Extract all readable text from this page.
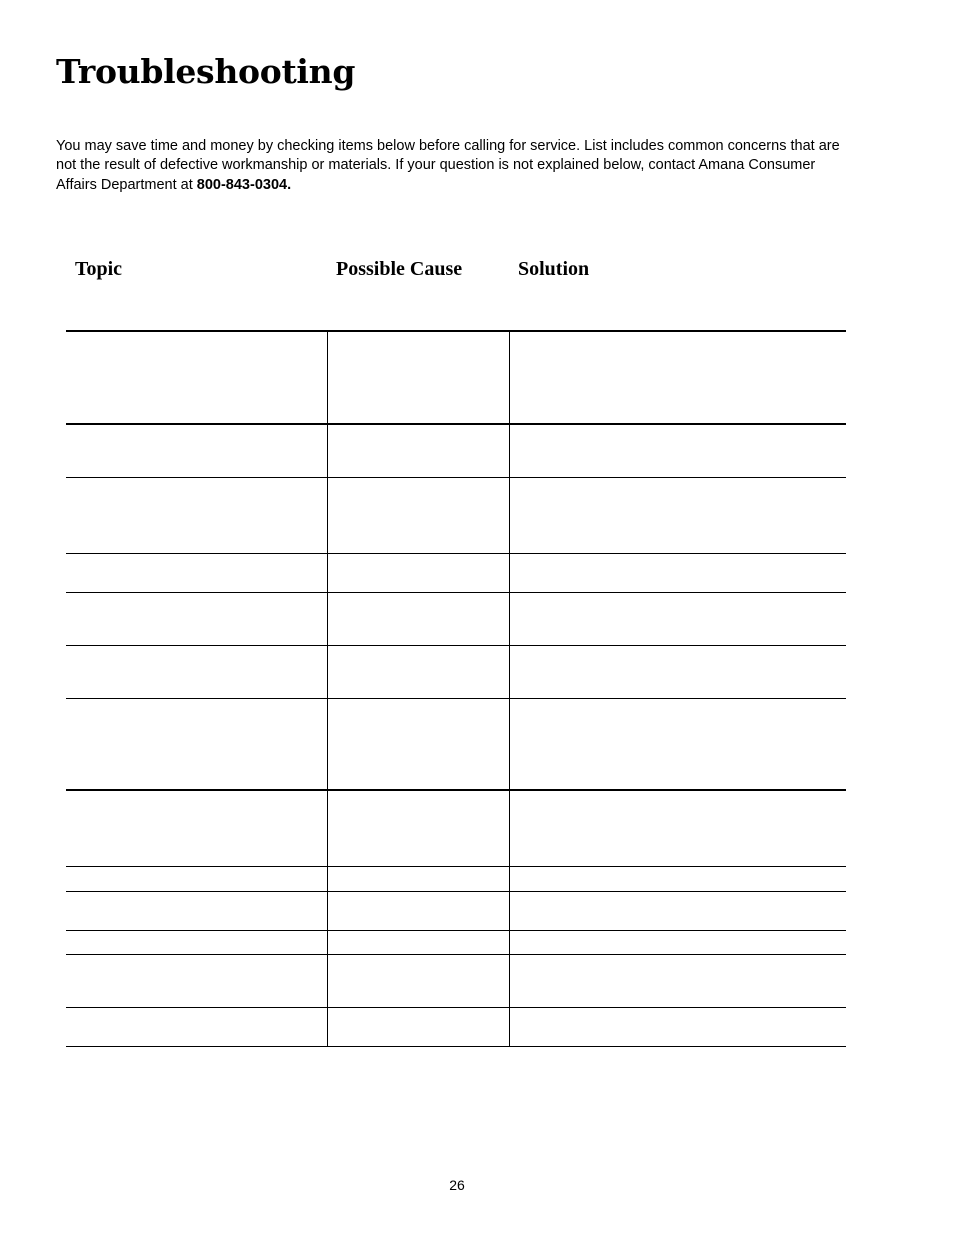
Troubleshooting

You may save time and money by checking items below before calling for service. List includes common concerns that are not the result of defective workmanship or materials. If your question is not explained below, contact Amana Consumer Affairs Department at 800-843-0304.

Topic	Possible Cause	Solution
26
